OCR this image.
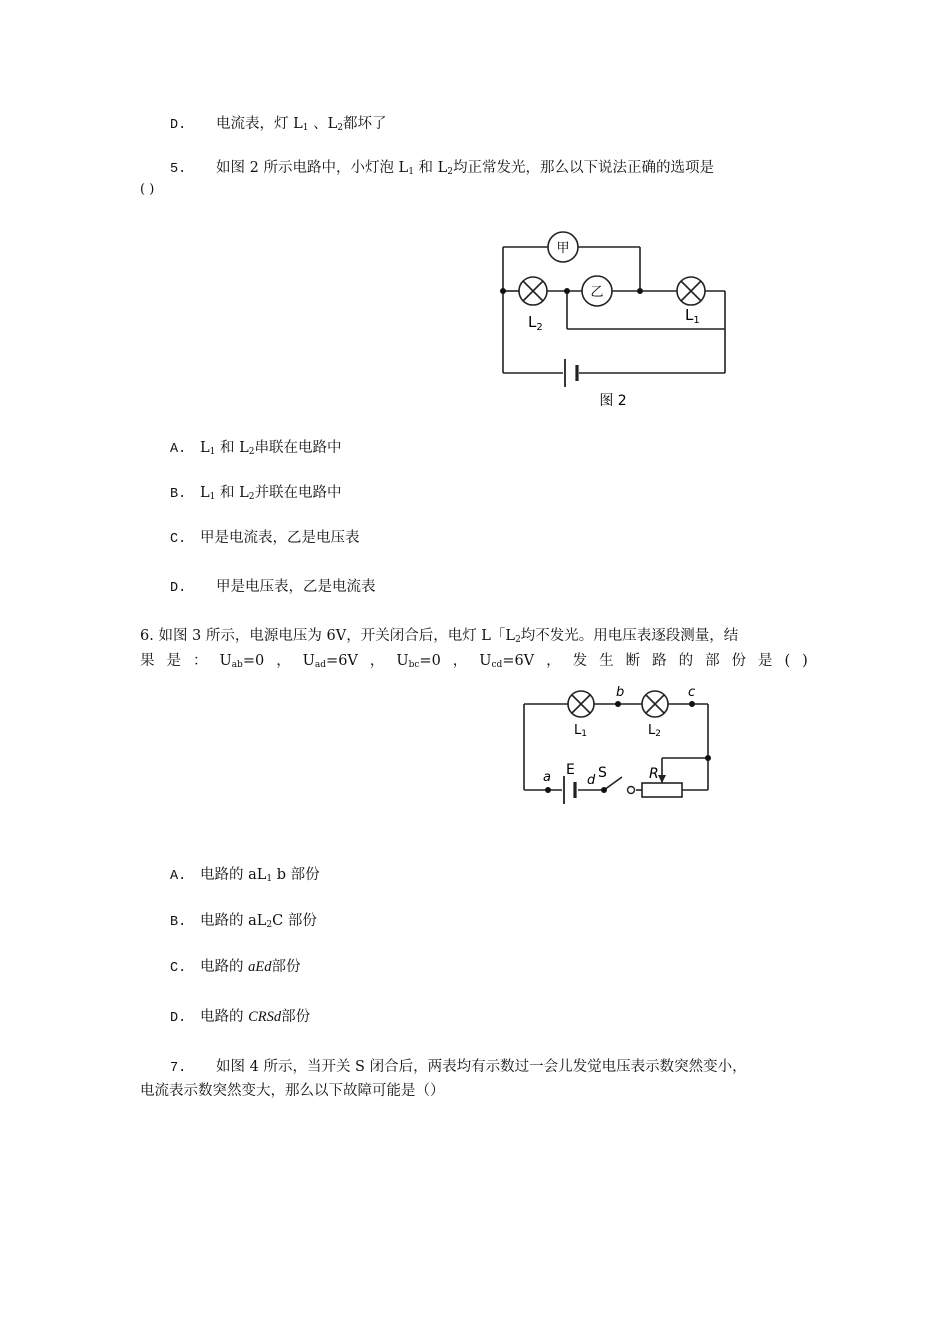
D. 电流表，灯 $L_1$ 、$L_2$都坏了
5. 如图 2 所示电路中，小灯泡 $L_1$ 和 $L_2$均正常发光，那么以下说法正确的选项是
( )
甲
$L_2$
乙
$L_1$
图 2
A. $L_1$ 和 $L_2$串联在电路中
B. $L_1$ 和 $L_2$并联在电路中
C. 甲是电流表，乙是电压表
D. 甲是电压表，乙是电流表
6. 如图 3 所示，电源电压为 6V，开关闭合后，电灯 L「$L_2$均不发光。用电压表逐段测量，结
果 是 ： $U_{ab}=0$ ， $U_{ad}=6V$ ， $U_{bc}=0$ ， $U_{cd}=6V$ ， 发 生 断 路 的 部 份 是 ( )
L1	L2
b	c
a E
d S	R
A. 电路的 $aL_1$ b 部份
B. 电路的 $aL_2C$ 部份
C. 电路的 aEd部份
D. 电路的 CRSd部份
7. 如图 4 所示，当开关 S 闭合后，两表均有示数过一会儿发觉电压表示数突然变小，
电流表示数突然变大，那么以下故障可能是（）
